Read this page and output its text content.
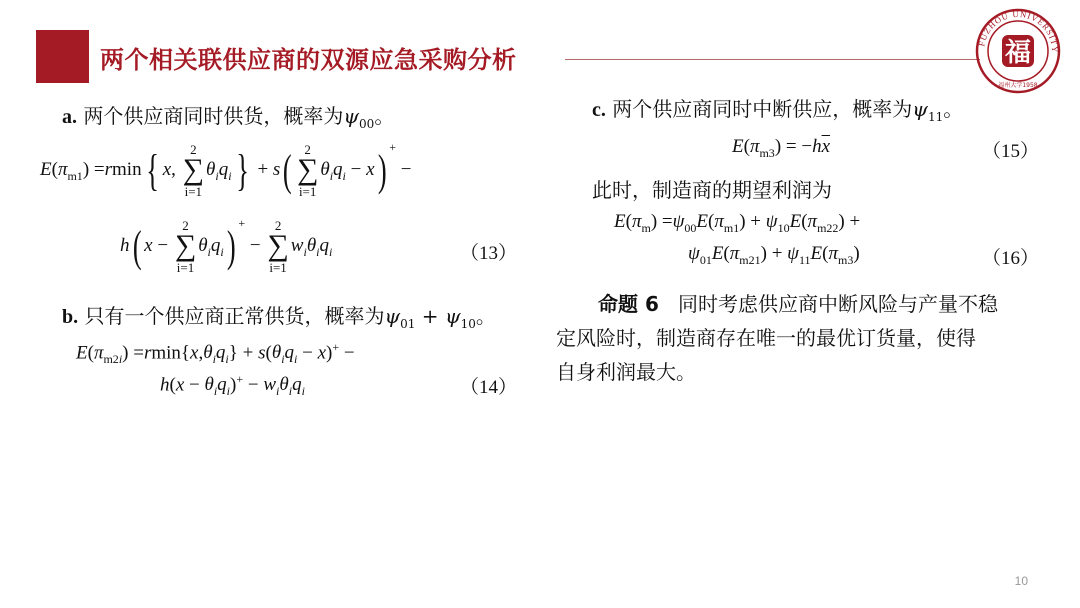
两个相关联供应商的双源应急采购分析
FUZHOU UNIVERSITY
福
福州大学1958
a. 两个供应商同时供货，概率为$\psi_{00}$。
$E(\pi_{m1}) =rmin${ x,
2
∑
i=1
$\theta_iq_i\} + s$( 2
∑
i=1
$\theta_iq_i - x$) + −
h( x −
2
∑
i=1
$\theta_iq_i$) + −
2
∑
i=1
$w_i\theta_iq_i$	（13）
b. 只有一个供应商正常供货，概率为$\psi_{01} + \psi_{10}$。
$E(\pi_{m2i}) =rmin\{x,\theta_iq_i\} + s(\theta_iq_i - x)^+$ −
$h(x - \theta_iq_i)^+ - w_i\theta_iq_i$	（14）
c. 两个供应商同时中断供应，概率为$\psi_{11}$。
$E(\pi_{m3}) = -h\overline{x}$	（15）
此时，制造商的期望利润为
$E(\pi_m) =\psi_{00}E(\pi_{m1}) + \psi_{10}E(\pi_{m22})$ +
$\psi_{01}E(\pi_{m21}) + \psi_{11}E(\pi_{m3})$	（16）
命题 6 同时考虑供应商中断风险与产量不稳
定风险时，制造商存在唯一的最优订货量，使得
自身利润最大。
10
